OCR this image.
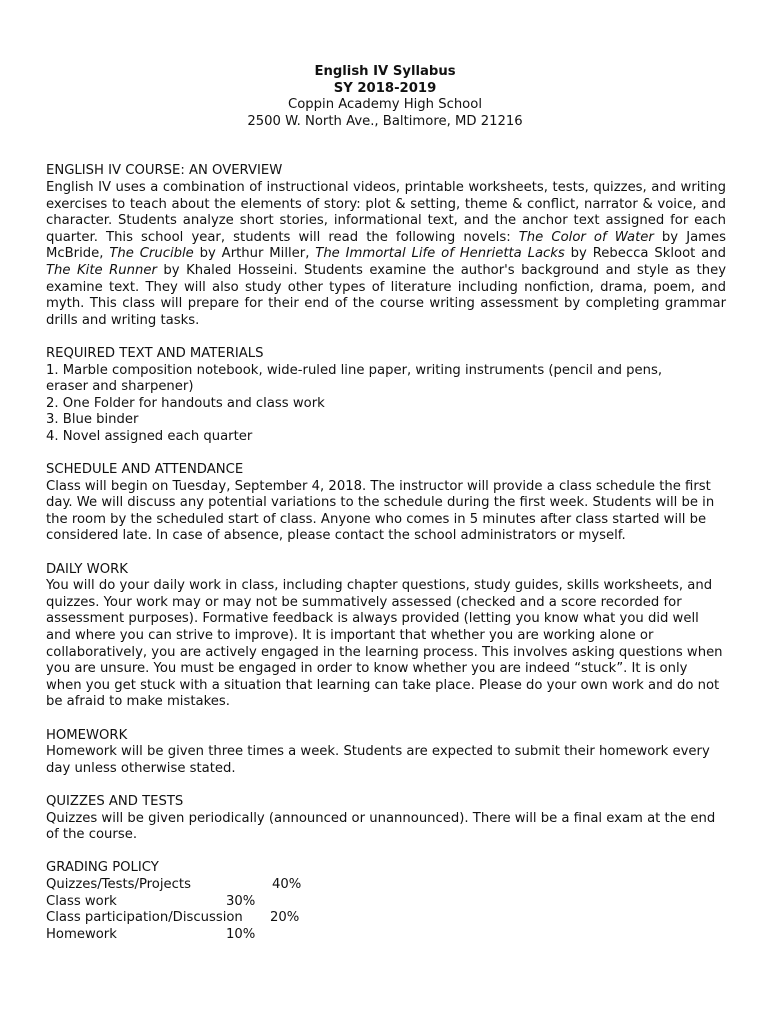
English IV Syllabus
SY 2018-2019
Coppin Academy High School
2500 W. North Ave., Baltimore, MD 21216
ENGLISH IV COURSE: AN OVERVIEW

English IV uses a combination of instructional videos, printable worksheets, tests, quizzes, and writing exercises to teach about the elements of story: plot & setting, theme & conflict, narrator & voice, and character. Students analyze short stories, informational text, and the anchor text assigned for each quarter. This school year, students will read the following novels: The Color of Water by James McBride, The Crucible by Arthur Miller, The Immortal Life of Henrietta Lacks by Rebecca Skloot and  The Kite Runner by Khaled Hosseini. Students examine the author's background and style as they examine text. They will also study other types of literature including nonfiction, drama, poem, and myth. This class will prepare for their end of the course writing assessment by completing grammar drills and writing tasks.

REQUIRED TEXT AND MATERIALS

1. Marble composition notebook, wide-ruled line paper, writing instruments (pencil and pens, eraser and sharpener)

2. One Folder for handouts and class work

3. Blue binder

4. Novel assigned each quarter

SCHEDULE AND ATTENDANCE

Class will begin on Tuesday, September 4, 2018. The instructor will provide a class schedule the first day. We will discuss any potential variations to the schedule during the first week. Students will be in the room by the scheduled start of class. Anyone who comes in 5 minutes after class started will be considered late. In case of absence, please contact the school administrators or myself.

DAILY WORK

You will do your daily work in class, including chapter questions, study guides, skills worksheets, and quizzes. Your work may or may not be summatively assessed (checked and a score recorded for assessment purposes). Formative feedback is always provided (letting you know what you did well and where you can strive to improve). It is important that whether you are working alone or collaboratively, you are actively engaged in the learning process. This involves asking questions when you are unsure. You must be engaged in order to know whether you are indeed “stuck”. It is only when you get stuck with a situation that learning can take place. Please do your own work and do not be afraid to make mistakes.

HOMEWORK

Homework will be given three times a week. Students are expected to submit their homework every day unless otherwise stated.

QUIZZES AND TESTS

Quizzes will be given periodically (announced or unannounced). There will be a final exam at the end of the course.

GRADING POLICY
Quizzes/Tests/Projects	40%
Class work	30%
Class participation/Discussion 20%
Homework	10%
